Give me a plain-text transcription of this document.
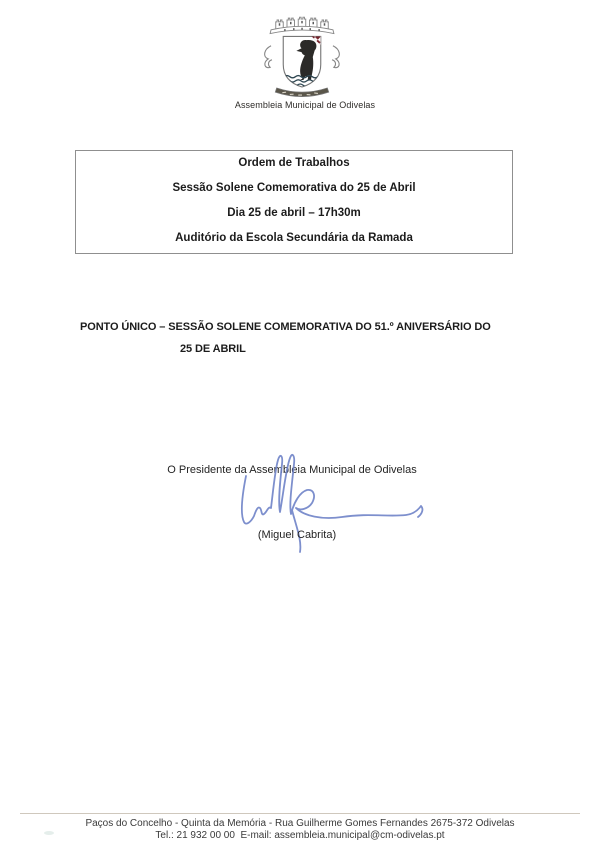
Assembleia Municipal de Odivelas
Ordem de Trabalhos
Sessão Solene Comemorativa do 25 de Abril
Dia 25 de abril – 17h30m
Auditório da Escola Secundária da Ramada
PONTO ÚNICO – SESSÃO SOLENE COMEMORATIVA DO 51.º ANIVERSÁRIO DO
25 DE ABRIL
O Presidente da Assembleia Municipal de Odivelas
(Miguel Cabrita)
Paços do Concelho - Quinta da Memória - Rua Guilherme Gomes Fernandes 2675-372 Odivelas
Tel.: 21 932 00 00  E-mail: assembleia.municipal@cm-odivelas.pt
